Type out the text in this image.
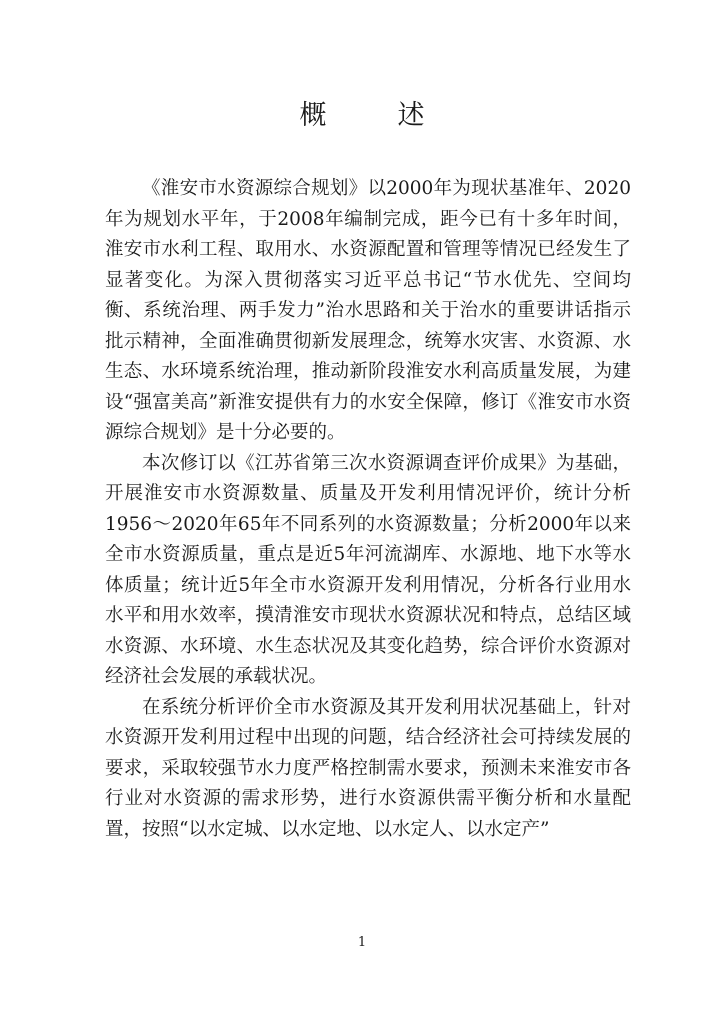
概　述

《淮安市水资源综合规划》以2000年为现状基准年、2020年为规划水平年，于2008年编制完成，距今已有十多年时间，淮安市水利工程、取用水、水资源配置和管理等情况已经发生了显著变化。为深入贯彻落实习近平总书记“节水优先、空间均衡、系统治理、两手发力”治水思路和关于治水的重要讲话指示批示精神，全面准确贯彻新发展理念，统筹水灾害、水资源、水生态、水环境系统治理，推动新阶段淮安水利高质量发展，为建设“强富美高”新淮安提供有力的水安全保障，修订《淮安市水资源综合规划》是十分必要的。

本次修订以《江苏省第三次水资源调查评价成果》为基础，开展淮安市水资源数量、质量及开发利用情况评价，统计分析1956～2020年65年不同系列的水资源数量；分析2000年以来全市水资源质量，重点是近5年河流湖库、水源地、地下水等水体质量；统计近5年全市水资源开发利用情况，分析各行业用水水平和用水效率，摸清淮安市现状水资源状况和特点，总结区域水资源、水环境、水生态状况及其变化趋势，综合评价水资源对经济社会发展的承载状况。

在系统分析评价全市水资源及其开发利用状况基础上，针对水资源开发利用过程中出现的问题，结合经济社会可持续发展的要求，采取较强节水力度严格控制需水要求，预测未来淮安市各行业对水资源的需求形势，进行水资源供需平衡分析和水量配置，按照“以水定城、以水定地、以水定人、以水定产”

1
